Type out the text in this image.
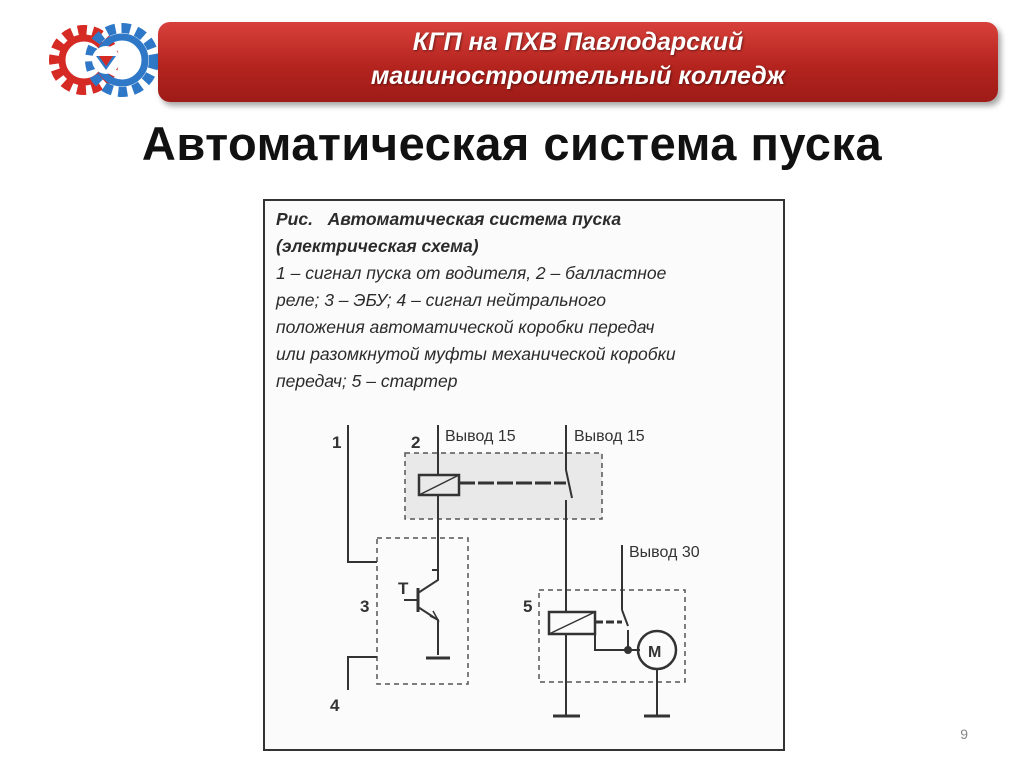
КГП на ПХВ Павлодарский
машиностроительный колледж
Автоматическая система пуска
Рис. Автоматическая система пуска
(электрическая схема)
1 – сигнал пуска от водителя, 2 – балластное
реле; 3 – ЭБУ; 4 – сигнал нейтрального
положения автоматической коробки передач
или разомкнутой муфты механической коробки
передач; 5 – стартер
1	2
3
4
5
Т
М
Вывод 15	Вывод 15
Вывод 30
9
